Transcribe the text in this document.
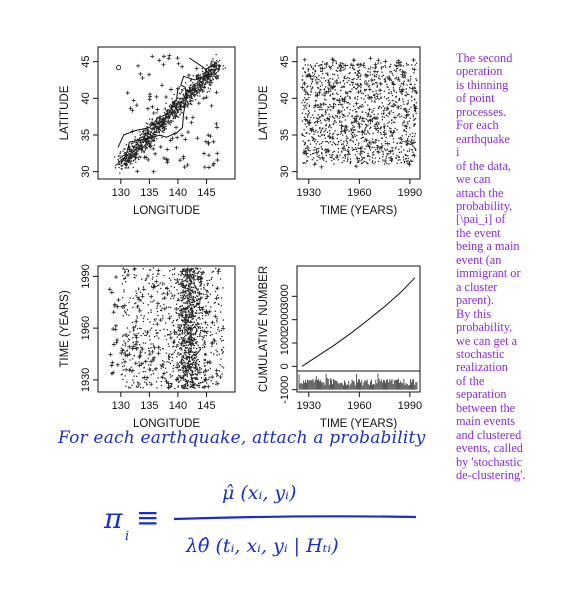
130 135 140 145
30
35
40
45
LONGITUDE
LATITUDE
1930 1960 1990
30
35
40
45
TIME (YEARS)
LATITUDE
130 135 140 145
1930
1960
1990
LONGITUDE
TIME (YEARS)
1930 1960 1990
-1000
0
1000
2000
3000
TIME (YEARS)
CUMULATIVE NUMBER
The second
operation
is thinning
of point
processes.
For each
earthquake
i
of the data,
we can
attach the
probability,
[\pai_i] of
the event
being a main
event (an
immigrant or
a cluster
parent).
By this
probability,
we can get a
stochastic
realization
of the
separation
between the
main events
and clustered
events, called
by 'stochastic
de-clustering'.
For each earthquake, attach a probability
π
i
≡
μ̂ (xᵢ, yᵢ)
λθ̂ (tᵢ, xᵢ, yᵢ | Hₜᵢ)
